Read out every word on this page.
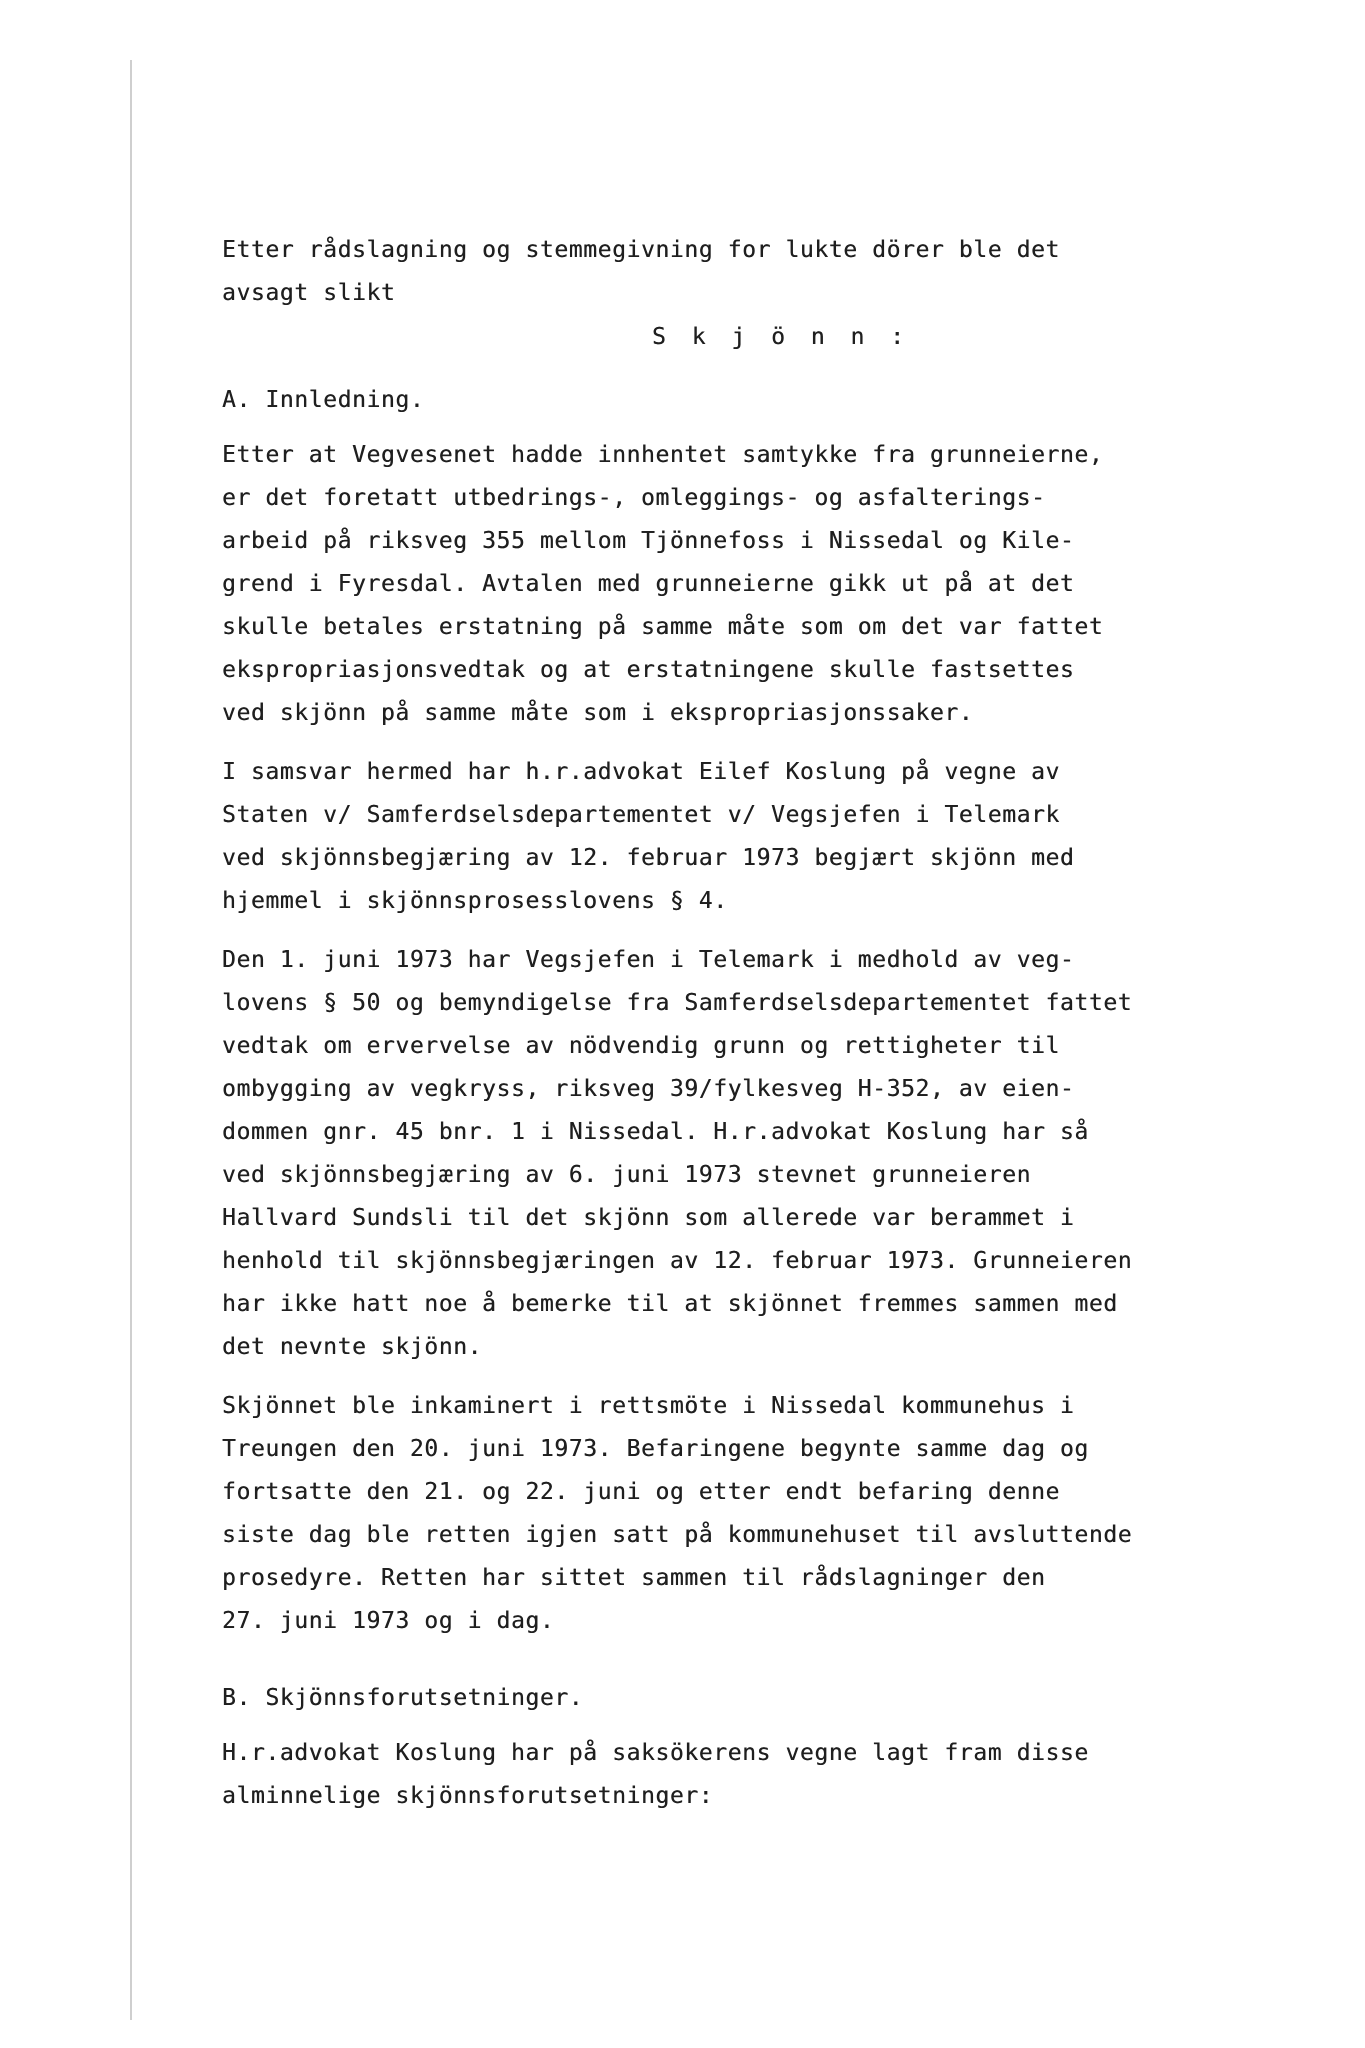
Etter rådslagning og stemmegivning for lukte dörer ble det

avsagt slikt

S k j ö n n :

A. Innledning.

Etter at Vegvesenet hadde innhentet samtykke fra grunneierne,

er det foretatt utbedrings-, omleggings- og asfalterings-

arbeid på riksveg 355 mellom Tjönnefoss i Nissedal og Kile-

grend i Fyresdal. Avtalen med grunneierne gikk ut på at det

skulle betales erstatning på samme måte som om det var fattet

ekspropriasjonsvedtak og at erstatningene skulle fastsettes

ved skjönn på samme måte som i ekspropriasjonssaker.

I samsvar hermed har h.r.advokat Eilef Koslung på vegne av

Staten v/ Samferdselsdepartementet v/ Vegsjefen i Telemark

ved skjönnsbegjæring av 12. februar 1973 begjært skjönn med

hjemmel i skjönnsprosesslovens § 4.

Den 1. juni 1973 har Vegsjefen i Telemark i medhold av veg-

lovens § 50 og bemyndigelse fra Samferdselsdepartementet fattet

vedtak om ervervelse av nödvendig grunn og rettigheter til

ombygging av vegkryss, riksveg 39/fylkesveg H-352, av eien-

dommen gnr. 45 bnr. 1 i Nissedal. H.r.advokat Koslung har så

ved skjönnsbegjæring av 6. juni 1973 stevnet grunneieren

Hallvard Sundsli til det skjönn som allerede var berammet i

henhold til skjönnsbegjæringen av 12. februar 1973. Grunneieren

har ikke hatt noe å bemerke til at skjönnet fremmes sammen med

det nevnte skjönn.

Skjönnet ble inkaminert i rettsmöte i Nissedal kommunehus i

Treungen den 20. juni 1973. Befaringene begynte samme dag og

fortsatte den 21. og 22. juni og etter endt befaring denne

siste dag ble retten igjen satt på kommunehuset til avsluttende

prosedyre. Retten har sittet sammen til rådslagninger den

27. juni 1973 og i dag.

B. Skjönnsforutsetninger.

H.r.advokat Koslung har på saksökerens vegne lagt fram disse

alminnelige skjönnsforutsetninger:
